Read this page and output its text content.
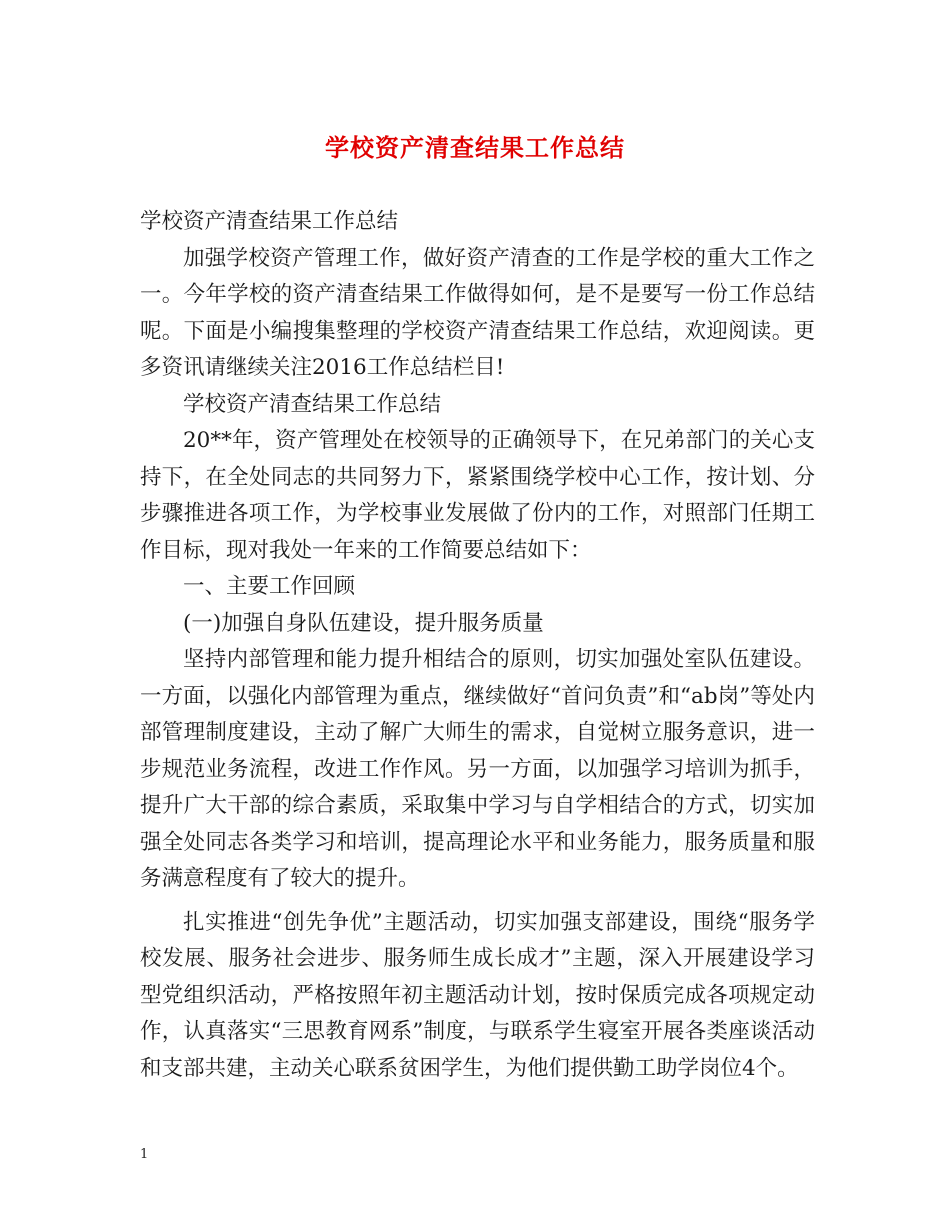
学校资产清查结果工作总结

学校资产清查结果工作总结

加强学校资产管理工作，做好资产清查的工作是学校的重大工作之一。今年学校的资产清查结果工作做得如何，是不是要写一份工作总结呢。下面是小编搜集整理的学校资产清查结果工作总结，欢迎阅读。更多资讯请继续关注2016工作总结栏目!

学校资产清查结果工作总结

20**年，资产管理处在校领导的正确领导下，在兄弟部门的关心支持下，在全处同志的共同努力下，紧紧围绕学校中心工作，按计划、分步骤推进各项工作，为学校事业发展做了份内的工作，对照部门任期工作目标，现对我处一年来的工作简要总结如下：

一、主要工作回顾

(一)加强自身队伍建设，提升服务质量

坚持内部管理和能力提升相结合的原则，切实加强处室队伍建设。一方面，以强化内部管理为重点，继续做好“首问负责”和“ab岗”等处内部管理制度建设，主动了解广大师生的需求，自觉树立服务意识，进一步规范业务流程，改进工作作风。另一方面，以加强学习培训为抓手，提升广大干部的综合素质，采取集中学习与自学相结合的方式，切实加强全处同志各类学习和培训，提高理论水平和业务能力，服务质量和服务满意程度有了较大的提升。

扎实推进“创先争优”主题活动，切实加强支部建设，围绕“服务学校发展、服务社会进步、服务师生成长成才”主题，深入开展建设学习型党组织活动，严格按照年初主题活动计划，按时保质完成各项规定动作，认真落实“三思教育网系”制度，与联系学生寝室开展各类座谈活动和支部共建，主动关心联系贫困学生，为他们提供勤工助学岗位4个。

1
